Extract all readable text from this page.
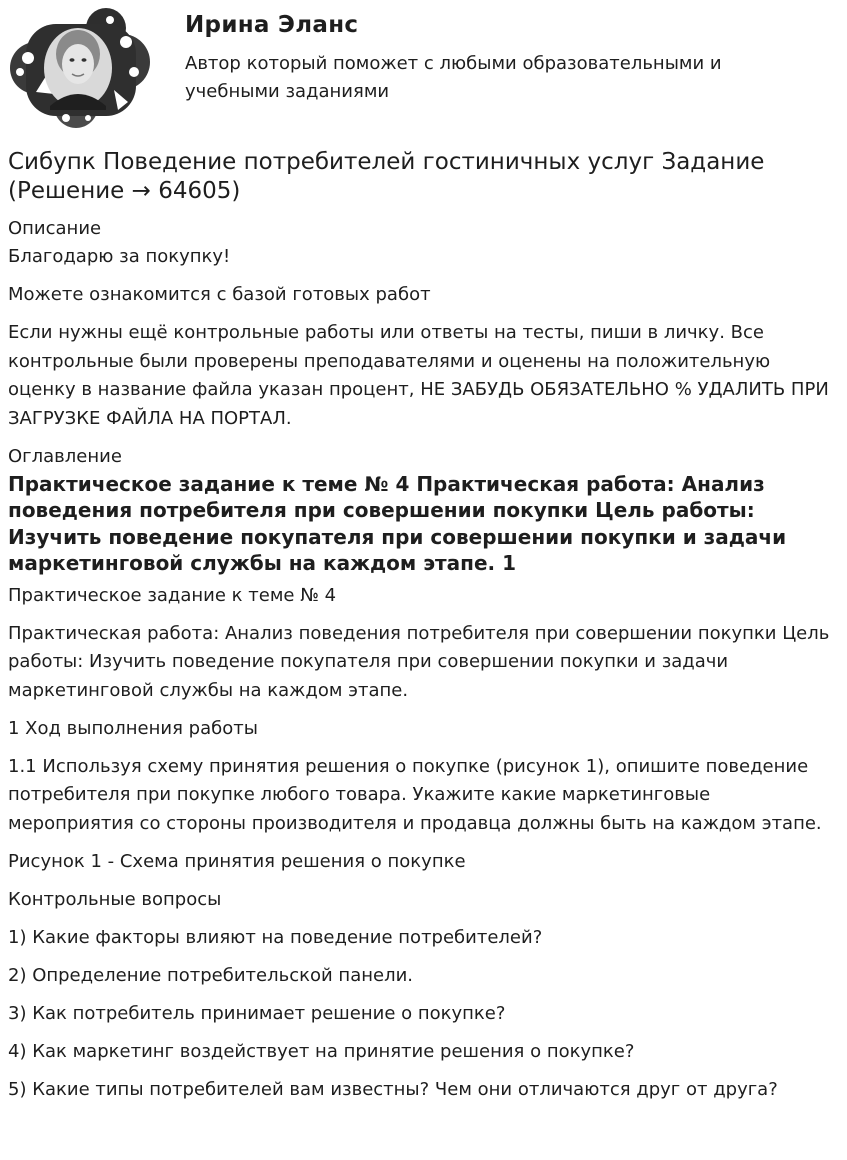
Ирина Эланс
Автор который поможет с любыми образовательными и учебными заданиями
Сибупк Поведение потребителей гостиничных услуг Задание (Решение → 64605)
Описание

Благодарю за покупку!

Можете ознакомится с базой готовых работ

Если нужны ещё контрольные работы или ответы на тесты, пиши в личку. Все контрольные были проверены преподавателями и оценены на положительную оценку в название файла указан процент, НЕ ЗАБУДЬ ОБЯЗАТЕЛЬНО % УДАЛИТЬ ПРИ ЗАГРУЗКЕ ФАЙЛА НА ПОРТАЛ.

Оглавление
Практическое задание к теме № 4 Практическая работа: Анализ поведения потребителя при совершении покупки Цель работы: Изучить поведение покупателя при совершении покупки и задачи маркетинговой службы на каждом этапе. 1

Практическое задание к теме № 4

Практическая работа: Анализ поведения потребителя при совершении покупки Цель работы: Изучить поведение покупателя при совершении покупки и задачи маркетинговой службы на каждом этапе.

1 Ход выполнения работы

1.1 Используя схему принятия решения о покупке (рисунок 1), опишите поведение потребителя при покупке любого товара. Укажите какие маркетинговые мероприятия со стороны производителя и продавца должны быть на каждом этапе.

Рисунок 1 - Схема принятия решения о покупке

Контрольные вопросы

1) Какие факторы влияют на поведение потребителей?

2) Определение потребительской панели.

3) Как потребитель принимает решение о покупке?

4) Как маркетинг воздействует на принятие решения о покупке?

5) Какие типы потребителей вам известны? Чем они отличаются друг от друга?
